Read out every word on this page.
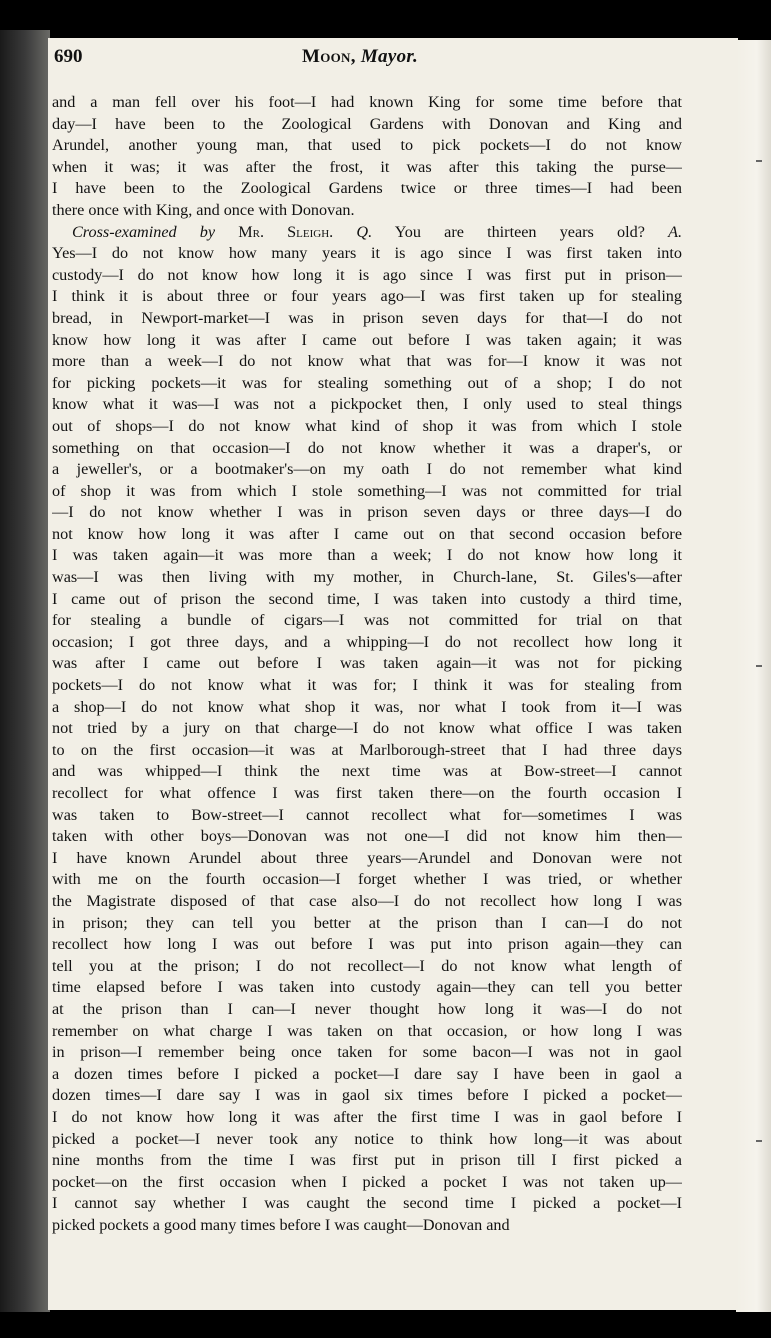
690	Moon, Mayor.
and a man fell over his foot—I had known King for some time before that
day—I have been to the Zoological Gardens with Donovan and King and
Arundel, another young man, that used to pick pockets—I do not know
when it was; it was after the frost, it was after this taking the purse—
I have been to the Zoological Gardens twice or three times—I had been
there once with King, and once with Donovan.
Cross-examined by Mr. Sleigh. Q. You are thirteen years old? A.
Yes—I do not know how many years it is ago since I was first taken into
custody—I do not know how long it is ago since I was first put in prison—
I think it is about three or four years ago—I was first taken up for stealing
bread, in Newport-market—I was in prison seven days for that—I do not
know how long it was after I came out before I was taken again; it was
more than a week—I do not know what that was for—I know it was not
for picking pockets—it was for stealing something out of a shop; I do not
know what it was—I was not a pickpocket then, I only used to steal things
out of shops—I do not know what kind of shop it was from which I stole
something on that occasion—I do not know whether it was a draper's, or
a jeweller's, or a bootmaker's—on my oath I do not remember what kind
of shop it was from which I stole something—I was not committed for trial
—I do not know whether I was in prison seven days or three days—I do
not know how long it was after I came out on that second occasion before
I was taken again—it was more than a week; I do not know how long it
was—I was then living with my mother, in Church-lane, St. Giles's—after
I came out of prison the second time, I was taken into custody a third time,
for stealing a bundle of cigars—I was not committed for trial on that
occasion; I got three days, and a whipping—I do not recollect how long it
was after I came out before I was taken again—it was not for picking
pockets—I do not know what it was for; I think it was for stealing from
a shop—I do not know what shop it was, nor what I took from it—I was
not tried by a jury on that charge—I do not know what office I was taken
to on the first occasion—it was at Marlborough-street that I had three days
and was whipped—I think the next time was at Bow-street—I cannot
recollect for what offence I was first taken there—on the fourth occasion I
was taken to Bow-street—I cannot recollect what for—sometimes I was
taken with other boys—Donovan was not one—I did not know him then—
I have known Arundel about three years—Arundel and Donovan were not
with me on the fourth occasion—I forget whether I was tried, or whether
the Magistrate disposed of that case also—I do not recollect how long I was
in prison; they can tell you better at the prison than I can—I do not
recollect how long I was out before I was put into prison again—they can
tell you at the prison; I do not recollect—I do not know what length of
time elapsed before I was taken into custody again—they can tell you better
at the prison than I can—I never thought how long it was—I do not
remember on what charge I was taken on that occasion, or how long I was
in prison—I remember being once taken for some bacon—I was not in gaol
a dozen times before I picked a pocket—I dare say I have been in gaol a
dozen times—I dare say I was in gaol six times before I picked a pocket—
I do not know how long it was after the first time I was in gaol before I
picked a pocket—I never took any notice to think how long—it was about
nine months from the time I was first put in prison till I first picked a
pocket—on the first occasion when I picked a pocket I was not taken up—
I cannot say whether I was caught the second time I picked a pocket—I
picked pockets a good many times before I was caught—Donovan and
